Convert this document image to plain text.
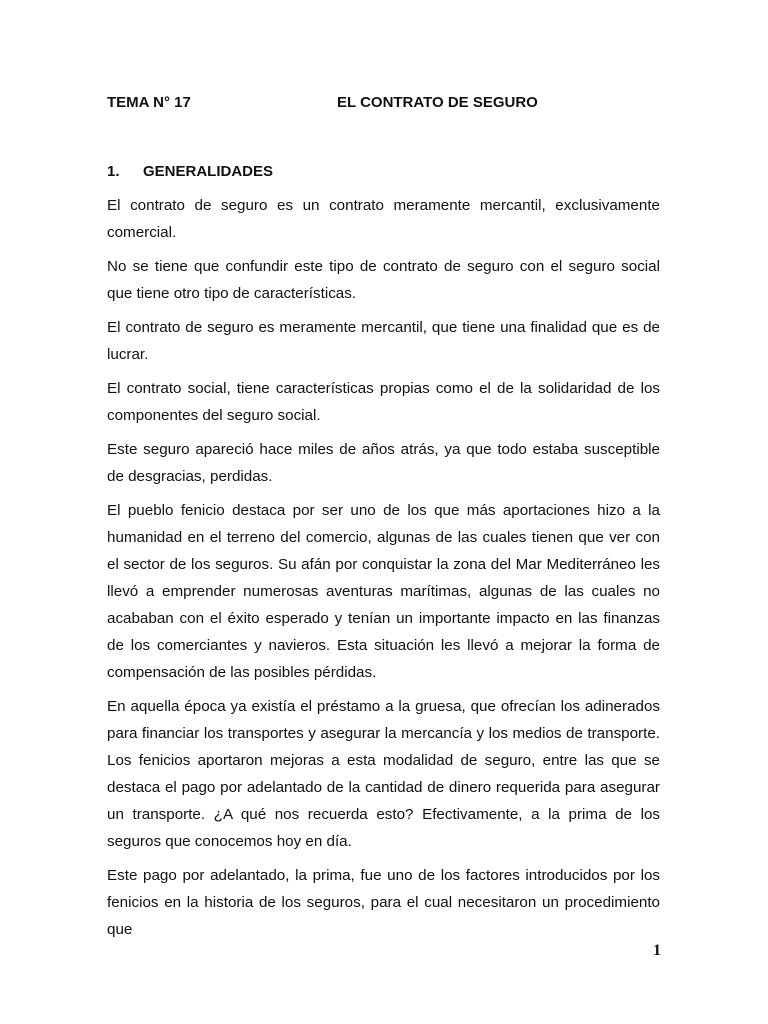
TEMA N° 17	EL CONTRATO DE SEGURO
1. GENERALIDADES

El contrato de seguro es un contrato meramente mercantil, exclusivamente comercial.

No se tiene que confundir este tipo de contrato de seguro con el seguro social que tiene otro tipo de características.

El contrato de seguro es meramente mercantil, que tiene una finalidad que es de lucrar.

El contrato social, tiene características propias como el de la solidaridad de los componentes del seguro social.

Este seguro apareció hace miles de años atrás, ya que todo estaba susceptible de desgracias, perdidas.

El pueblo fenicio destaca por ser uno de los que más aportaciones hizo a la humanidad en el terreno del comercio, algunas de las cuales tienen que ver con el sector de los seguros. Su afán por conquistar la zona del Mar Mediterráneo les llevó a emprender numerosas aventuras marítimas, algunas de las cuales no acababan con el éxito esperado y tenían un importante impacto en las finanzas de los comerciantes y navieros. Esta situación les llevó a mejorar la forma de compensación de las posibles pérdidas.

En aquella época ya existía el préstamo a la gruesa, que ofrecían los adinerados para financiar los transportes y asegurar la mercancía y los medios de transporte. Los fenicios aportaron mejoras a esta modalidad de seguro, entre las que se destaca el pago por adelantado de la cantidad de dinero requerida para asegurar un transporte. ¿A qué nos recuerda esto? Efectivamente, a la prima de los seguros que conocemos hoy en día.

Este pago por adelantado, la prima, fue uno de los factores introducidos por los fenicios en la historia de los seguros, para el cual necesitaron un procedimiento que

1
